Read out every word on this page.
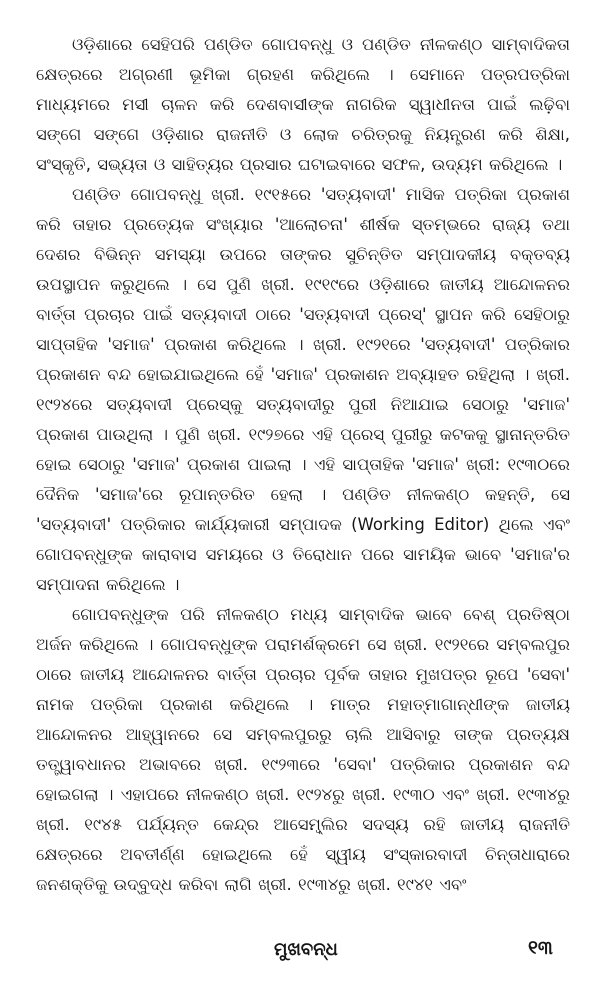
ଓଡ଼ିଶାରେ ସେହିପରି ପଣ୍ଡିତ ଗୋପବନ୍ଧୁ ଓ ପଣ୍ଡିତ ନୀଳକଣ୍ଠ ସାମ୍ବାଦିକତା କ୍ଷେତ୍ରରେ ଅଗ୍ରଣୀ ଭୂମିକା ଗ୍ରହଣ କରିଥିଲେ । ସେମାନେ ପତ୍ରପତ୍ରିକା ମାଧ୍ୟମରେ ମସୀ ଚାଳନ କରି ଦେଶବାସୀଙ୍କ ନାଗରିକ ସ୍ୱାଧୀନତା ପାଇଁ ଲଢ଼ିବା ସଙ୍ଗେ ସଙ୍ଗେ ଓଡ଼ିଶାର ରାଜନୀତି ଓ ଲୋକ ଚରିତ୍ରକୁ ନିୟନ୍ତ୍ରଣ କରି ଶିକ୍ଷା, ସଂସ୍କୃତି, ସଭ୍ୟତା ଓ ସାହିତ୍ୟର ପ୍ରସାର ଘଟାଇବାରେ ସଫଳ, ଉଦ୍ୟମ କରିଥିଲେ ।

ପଣ୍ଡିତ ଗୋପବନ୍ଧୁ ଖ୍ରୀ. ୧୯୧୫ରେ 'ସତ୍ୟବାଦୀ' ମାସିକ ପତ୍ରିକା ପ୍ରକାଶ କରି ତାହାର ପ୍ରତ୍ୟେକ ସଂଖ୍ୟାର 'ଆଲୋଚନା' ଶୀର୍ଷକ ସ୍ତମ୍ଭରେ ରାଜ୍ୟ ତଥା ଦେଶର ବିଭିନ୍ନ ସମସ୍ୟା ଉପରେ ତାଙ୍କର ସୁଚିନ୍ତିତ ସମ୍ପାଦକୀୟ ବକ୍ତବ୍ୟ ଉପସ୍ଥାପନ କରୁଥିଲେ । ସେ ପୁଣି ଖ୍ରୀ. ୧୯୧୯ରେ ଓଡ଼ିଶାରେ ଜାତୀୟ ଆନ୍ଦୋଳନର ବାର୍ତ୍ତା ପ୍ରଚାର ପାଇଁ ସତ୍ୟବାଦୀ ଠାରେ 'ସତ୍ୟବାଦୀ ପ୍ରେସ୍' ସ୍ଥାପନ କରି ସେହିଠାରୁ ସାପ୍ତାହିକ 'ସମାଜ' ପ୍ରକାଶ କରିଥିଲେ । ଖ୍ରୀ. ୧୯୨୧ରେ 'ସତ୍ୟବାଦୀ' ପତ୍ରିକାର ପ୍ରକାଶନ ବନ୍ଦ ହୋଇଯାଇଥିଲେ ହେଁ 'ସମାଜ' ପ୍ରକାଶନ ଅବ୍ୟାହତ ରହିଥିଲା । ଖ୍ରୀ. ୧୯୨୪ରେ ସତ୍ୟବାଦୀ ପ୍ରେସ୍‌କୁ ସତ୍ୟବାଦୀରୁ ପୁରୀ ନିଆଯାଇ ସେଠାରୁ 'ସମାଜ' ପ୍ରକାଶ ପାଉଥିଲା । ପୁଣି ଖ୍ରୀ. ୧୯୨୭ରେ ଏହି ପ୍ରେସ୍ ପୁରୀରୁ କଟକକୁ ସ୍ଥାନାନ୍ତରିତ ହୋଇ ସେଠାରୁ 'ସମାଜ' ପ୍ରକାଶ ପାଇଲା । ଏହି ସାପ୍ତାହିକ 'ସମାଜ' ଖ୍ରୀ: ୧୯୩୦ରେ ଦୈନିକ 'ସମାଜ'ରେ ରୂପାନ୍ତରିତ ହେଲା । ପଣ୍ଡିତ ନୀଳକଣ୍ଠ କହନ୍ତି, ସେ 'ସତ୍ୟବାଦୀ' ପତ୍ରିକାର କାର୍ଯ୍ୟକାରୀ ସମ୍ପାଦକ (Working Editor) ଥିଲେ ଏବଂ ଗୋପବନ୍ଧୁଙ୍କ କାରାବାସ ସମୟରେ ଓ ତିରୋଧାନ ପରେ ସାମୟିକ ଭାବେ 'ସମାଜ'ର ସମ୍ପାଦନା କରିଥିଲେ ।

ଗୋପବନ୍ଧୁଙ୍କ ପରି ନୀଳକଣ୍ଠ ମଧ୍ୟ ସାମ୍ବାଦିକ ଭାବେ ବେଶ୍ ପ୍ରତିଷ୍ଠା ଅର୍ଜନ କରିଥିଲେ । ଗୋପବନ୍ଧୁଙ୍କ ପରାମର୍ଶକ୍ରମେ ସେ ଖ୍ରୀ. ୧୯୨୧ରେ ସମ୍ବଲପୁର ଠାରେ ଜାତୀୟ ଆନ୍ଦୋଳନର ବାର୍ତ୍ତା ପ୍ରଚାର ପୂର୍ବକ ତାହାର ମୁଖପତ୍ର ରୂପେ 'ସେବା' ନାମକ ପତ୍ରିକା ପ୍ରକାଶ କରିଥିଲେ । ମାତ୍ର ମହାତ୍ମାଗାନ୍ଧୀଙ୍କ ଜାତୀୟ ଆନ୍ଦୋଳନର ଆହ୍ୱାନରେ ସେ ସମ୍ବଲପୁରରୁ ଚାଲି ଆସିବାରୁ ତାଙ୍କ ପ୍ରତ୍ୟକ୍ଷ ତତ୍ତ୍ୱାବଧାନର ଅଭାବରେ ଖ୍ରୀ. ୧୯୨୩ରେ 'ସେବା' ପତ୍ରିକାର ପ୍ରକାଶନ ବନ୍ଦ ହୋଇଗଲା । ଏହାପରେ ନୀଳକଣ୍ଠ ଖ୍ରୀ. ୧୯୨୪ରୁ ଖ୍ରୀ. ୧୯୩୦ ଏବଂ ଖ୍ରୀ. ୧୯୩୪ରୁ ଖ୍ରୀ. ୧୯୪୫ ପର୍ଯ୍ୟନ୍ତ କେନ୍ଦ୍ର ଆସେମ୍ବ୍ଲିର ସଦସ୍ୟ ରହି ଜାତୀୟ ରାଜନୀତି କ୍ଷେତ୍ରରେ ଅବତୀର୍ଣ୍ଣ ହୋଇଥିଲେ ହେଁ ସ୍ୱୀୟ ସଂସ୍କାରବାଦୀ ଚିନ୍ତାଧାରାରେ ଜନଶକ୍ତିକୁ ଉଦ୍‌ବୁଦ୍ଧ କରିବା ଲାଗି ଖ୍ରୀ. ୧୯୩୪ରୁ ଖ୍ରୀ. ୧୯୪୧ ଏବଂ

ମୁଖବନ୍ଧ	୧୩
